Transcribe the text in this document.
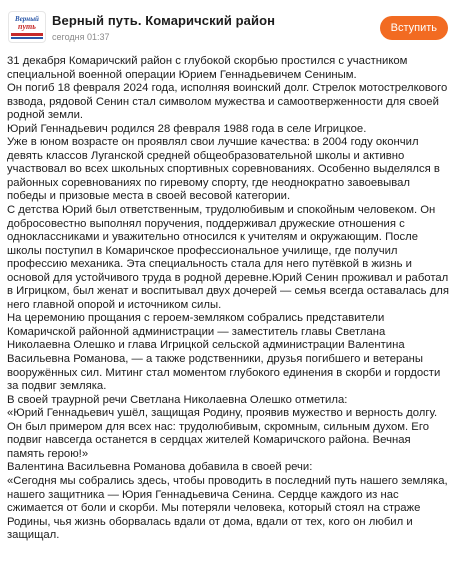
Верный
путь Верный путь. Комаричский район
сегодня 01:37
Вступить
31 декабря Комаричский район с глубокой скорбью простился с участником специальной военной операции Юрием Геннадьевичем Сениным.
Он погиб 18 февраля 2024 года, исполняя воинский долг. Стрелок мотострелкового взвода, рядовой Сенин стал символом мужества и самоотверженности для своей родной земли.
Юрий Геннадьевич родился 28 февраля 1988 года в селе Игрицкое.
Уже в юном возрасте он проявлял свои лучшие качества: в 2004 году окончил девять классов Луганской средней общеобразовательной школы и активно участвовал во всех школьных спортивных соревнованиях. Особенно выделялся в районных соревнованиях по гиревому спорту, где неоднократно завоевывал победы и призовые места в своей весовой категории.
С детства Юрий был ответственным, трудолюбивым и спокойным человеком. Он добросовестно выполнял поручения, поддерживал дружеские отношения с одноклассниками и уважительно относился к учителям и окружающим. После школы поступил в Комаричское профессиональное училище, где получил профессию механика. Эта специальность стала для него путёвкой в жизнь и основой для устойчивого труда в родной деревне.Юрий Сенин проживал и работал в Игрицком, был женат и воспитывал двух дочерей — семья всегда оставалась для него главной опорой и источником силы.
На церемонию прощания с героем-земляком собрались представители Комаричской районной администрации — заместитель главы Светлана Николаевна Олешко и глава Игрицкой сельской администрации Валентина Васильевна Романова, — а также родственники, друзья погибшего и ветераны вооружённых сил. Митинг стал моментом глубокого единения в скорби и гордости за подвиг земляка.
В своей траурной речи Светлана Николаевна Олешко отметила:
«Юрий Геннадьевич ушёл, защищая Родину, проявив мужество и верность долгу. Он был примером для всех нас: трудолюбивым, скромным, сильным духом. Его подвиг навсегда останется в сердцах жителей Комаричского района. Вечная память герою!»
Валентина Васильевна Романова добавила в своей речи:
«Сегодня мы собрались здесь, чтобы проводить в последний путь нашего земляка, нашего защитника — Юрия Геннадьевича Сенина. Сердце каждого из нас сжимается от боли и скорби. Мы потеряли человека, который стоял на страже Родины, чья жизнь оборвалась вдали от дома, вдали от тех, кого он любил и защищал.
